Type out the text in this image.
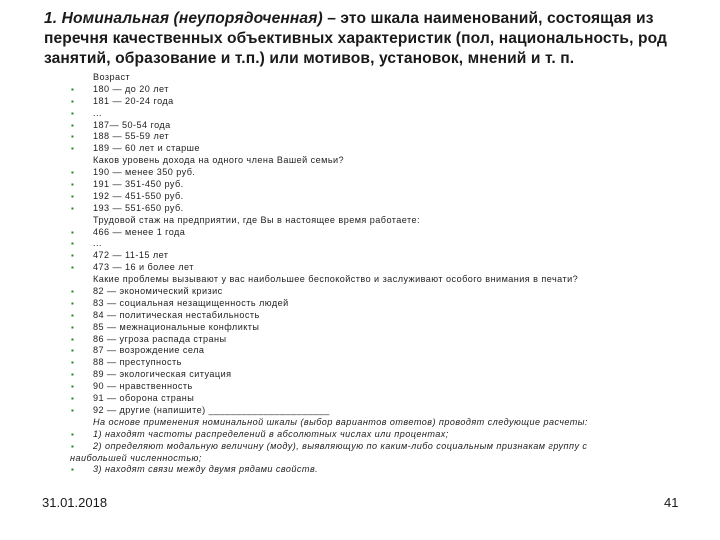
1. Номинальная (неупорядоченная) – это шкала наименований, состоящая из перечня качественных объективных характеристик (пол, национальность, род занятий, образование и т.п.) или мотивов, установок, мнений и т. п.
Возраст
▪ 180 — до 20 лет
▪ 181 — 20-24 года
▪ ...
▪ 187— 50-54 года
▪ 188 — 55-59 лет
▪ 189 — 60 лет и старше
Каков уровень дохода на одного члена Вашей семьи?
▪ 190 — менее 350 руб.
▪ 191 — 351-450 руб.
▪ 192 — 451-550 руб.
▪ 193 — 551-650 руб.
Трудовой стаж на предприятии, где Вы в настоящее время работаете:
▪ 466 — менее 1 года
▪ ...
▪ 472 — 11-15 лет
▪ 473 — 16 и более лет
Какие проблемы вызывают у вас наибольшее беспокойство и заслуживают особого внимания в печати?
▪ 82 — экономический кризис
▪ 83 — социальная незащищенность людей
▪ 84 — политическая нестабильность
▪ 85 — межнациональные конфликты
▪ 86 — угроза распада страны
▪ 87 — возрождение села
▪ 88 — преступность
▪ 89 — экологическая ситуация
▪ 90 — нравственность
▪ 91 — оборона страны
▪ 92 — другие (напишите) ______________________
На основе применения номинальной шкалы (выбор вариантов ответов) проводят следующие расчеты:
▪ 1) находят частоты распределений в абсолютных числах или процентах;
▪ 2) определяют модальную величину (моду), выявляющую по каким-либо социальным признакам группу с
наибольшей численностью;
▪ 3) находят связи между двумя рядами свойств.
31.01.2018	41
